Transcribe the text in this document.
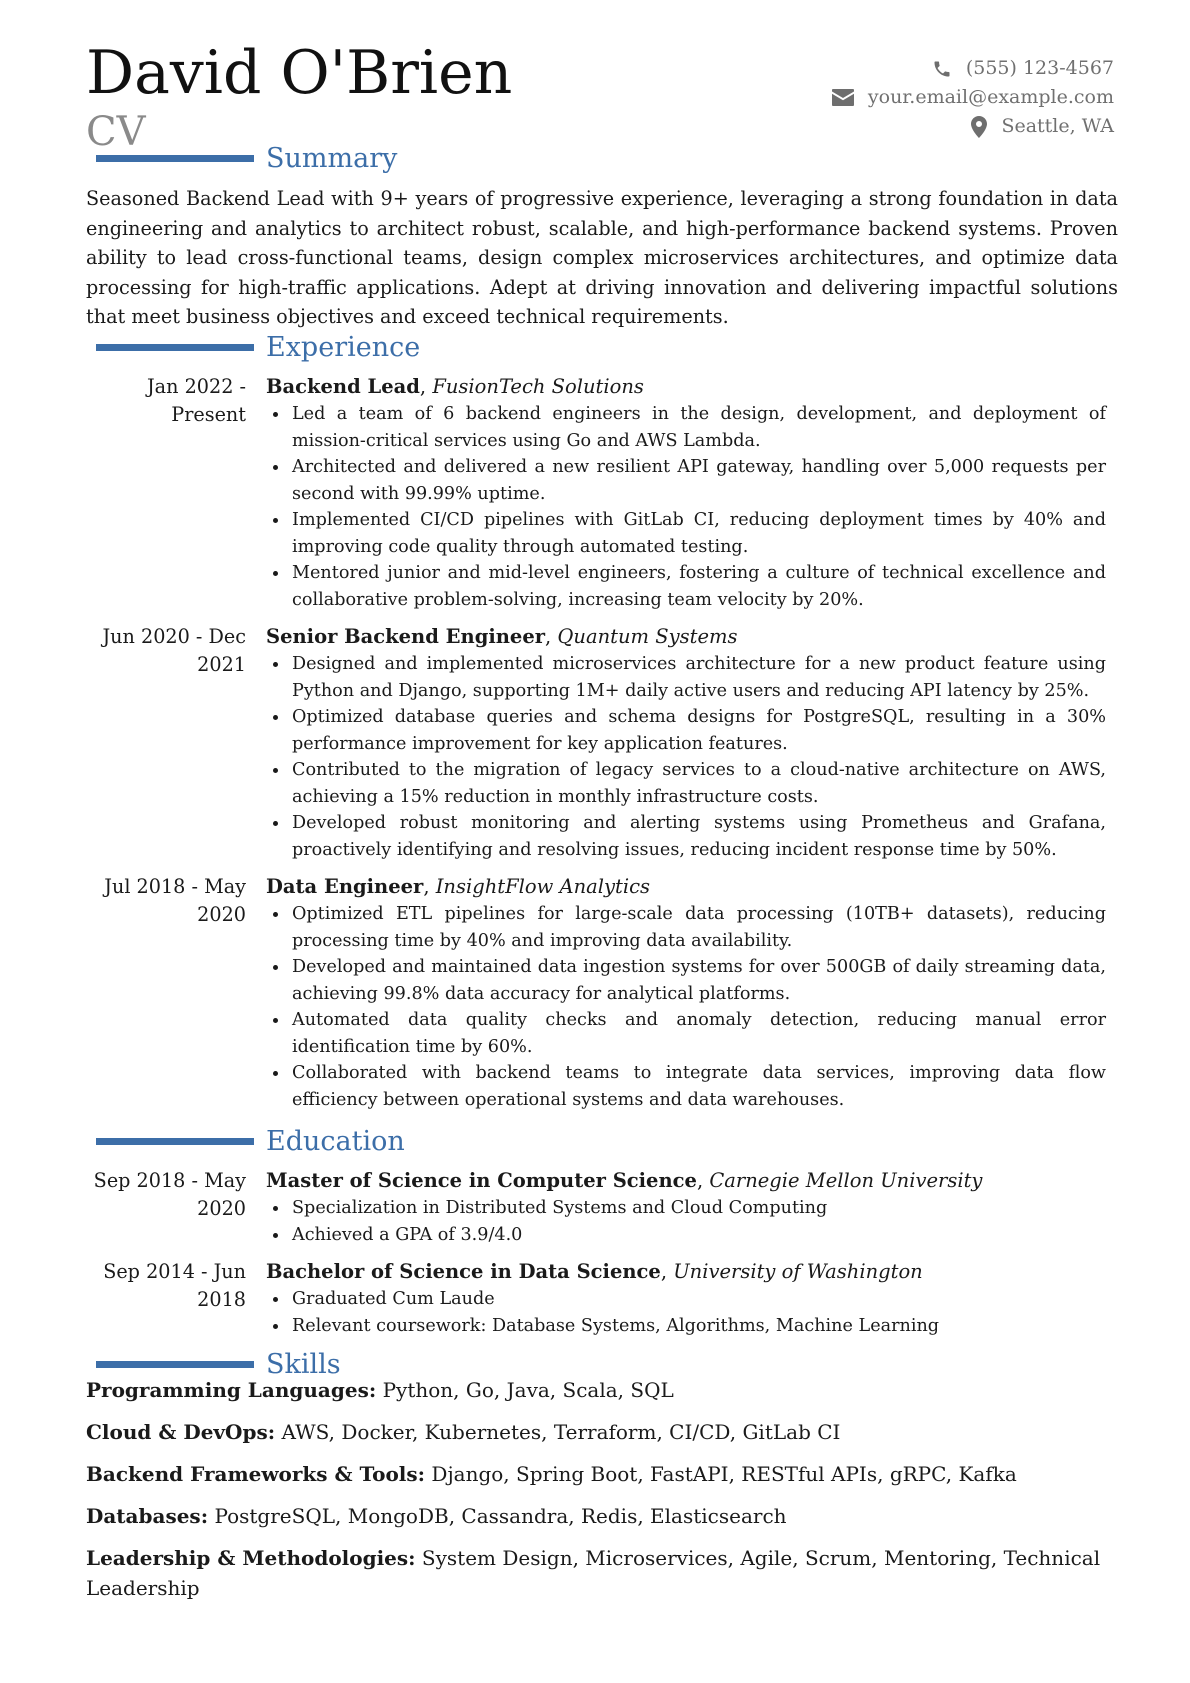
David O'Brien
CV
(555) 123-4567
your.email@example.com
Seattle, WA
Summary

Seasoned Backend Lead with 9+ years of progressive experience, leveraging a strong foundation in data engineering and analytics to architect robust, scalable, and high-performance backend systems. Proven ability to lead cross-functional teams, design complex microservices architectures, and optimize data processing for high-traffic applications. Adept at driving innovation and delivering impactful solutions that meet business objectives and exceed technical requirements.

Experience
Jan 2022 - Present
Backend Lead, FusionTech Solutions
Led a team of 6 backend engineers in the design, development, and deployment of mission-critical services using Go and AWS Lambda.
Architected and delivered a new resilient API gateway, handling over 5,000 requests per second with 99.99% uptime.
Implemented CI/CD pipelines with GitLab CI, reducing deployment times by 40% and improving code quality through automated testing.
Mentored junior and mid-level engineers, fostering a culture of technical excellence and collaborative problem-solving, increasing team velocity by 20%.
Jun 2020 - Dec 2021
Senior Backend Engineer, Quantum Systems
Designed and implemented microservices architecture for a new product feature using Python and Django, supporting 1M+ daily active users and reducing API latency by 25%.
Optimized database queries and schema designs for PostgreSQL, resulting in a 30% performance improvement for key application features.
Contributed to the migration of legacy services to a cloud-native architecture on AWS, achieving a 15% reduction in monthly infrastructure costs.
Developed robust monitoring and alerting systems using Prometheus and Grafana, proactively identifying and resolving issues, reducing incident response time by 50%.
Jul 2018 - May 2020
Data Engineer, InsightFlow Analytics
Optimized ETL pipelines for large-scale data processing (10TB+ datasets), reducing processing time by 40% and improving data availability.
Developed and maintained data ingestion systems for over 500GB of daily streaming data, achieving 99.8% data accuracy for analytical platforms.
Automated data quality checks and anomaly detection, reducing manual error identification time by 60%.
Collaborated with backend teams to integrate data services, improving data flow efficiency between operational systems and data warehouses.
Education
Sep 2018 - May 2020
Master of Science in Computer Science, Carnegie Mellon University
Specialization in Distributed Systems and Cloud Computing
Achieved a GPA of 3.9/4.0
Sep 2014 - Jun 2018
Bachelor of Science in Data Science, University of Washington
Graduated Cum Laude
Relevant coursework: Database Systems, Algorithms, Machine Learning
Skills
Programming Languages: Python, Go, Java, Scala, SQL
Cloud & DevOps: AWS, Docker, Kubernetes, Terraform, CI/CD, GitLab CI
Backend Frameworks & Tools: Django, Spring Boot, FastAPI, RESTful APIs, gRPC, Kafka
Databases: PostgreSQL, MongoDB, Cassandra, Redis, Elasticsearch
Leadership & Methodologies: System Design, Microservices, Agile, Scrum, Mentoring, Technical Leadership
